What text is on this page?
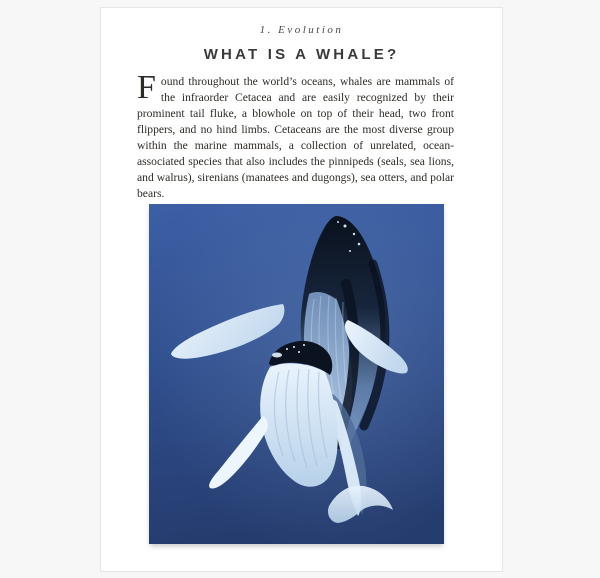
1. Evolution
WHAT IS A WHALE?

Found throughout the world’s oceans, whales are mammals of the infraorder Cetacea and are easily recognized by their prominent tail fluke, a blowhole on top of their head, two front flippers, and no hind limbs. Cetaceans are the most diverse group within the marine mammals, a collection of unrelated, ocean-associated species that also includes the pinnipeds (seals, sea lions, and walrus), sirenians (manatees and dugongs), sea otters, and polar bears.
